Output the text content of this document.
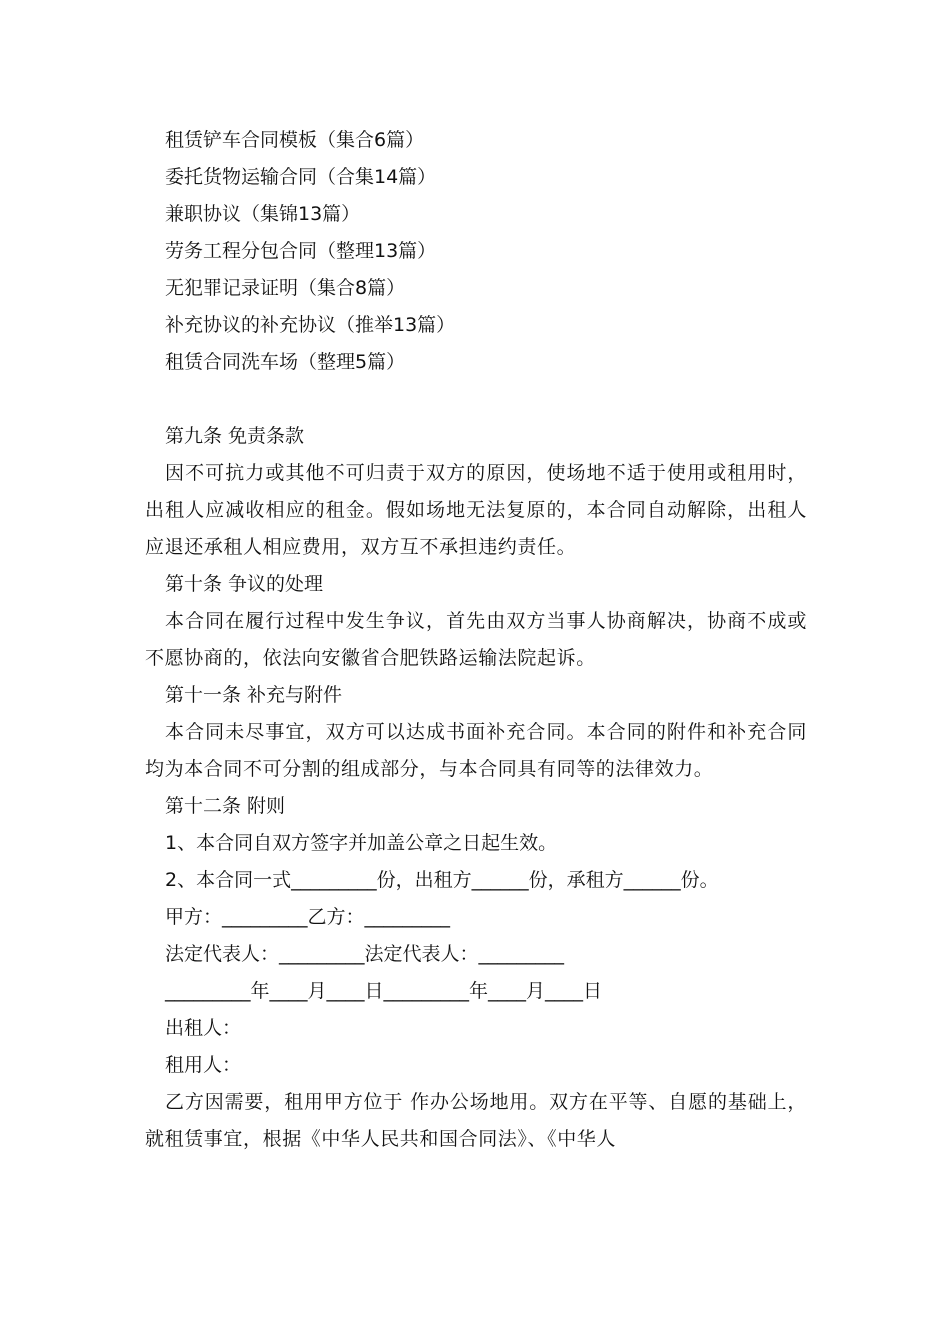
租赁铲车合同模板（集合6篇）
委托货物运输合同（合集14篇）
兼职协议（集锦13篇）
劳务工程分包合同（整理13篇）
无犯罪记录证明（集合8篇）
补充协议的补充协议（推举13篇）
租赁合同洗车场（整理5篇）
第九条 免责条款

因不可抗力或其他不可归责于双方的原因，使场地不适于使用或租用时，出租人应减收相应的租金。假如场地无法复原的，本合同自动解除，出租人应退还承租人相应费用，双方互不承担违约责任。

第十条 争议的处理

本合同在履行过程中发生争议，首先由双方当事人协商解决，协商不成或不愿协商的，依法向安徽省合肥铁路运输法院起诉。

第十一条 补充与附件

本合同未尽事宜，双方可以达成书面补充合同。本合同的附件和补充合同均为本合同不可分割的组成部分，与本合同具有同等的法律效力。

第十二条 附则
1、本合同自双方签字并加盖公章之日起生效。
2、本合同一式_________份，出租方______份，承租方______份。
甲方：_________乙方：_________
法定代表人：_________法定代表人：_________
_________年____月____日_________年____月____日
出租人：
租用人：

乙方因需要，租用甲方位于 作办公场地用。双方在平等、自愿的基础上，就租赁事宜，根据《中华人民共和国合同法》、《中华人
